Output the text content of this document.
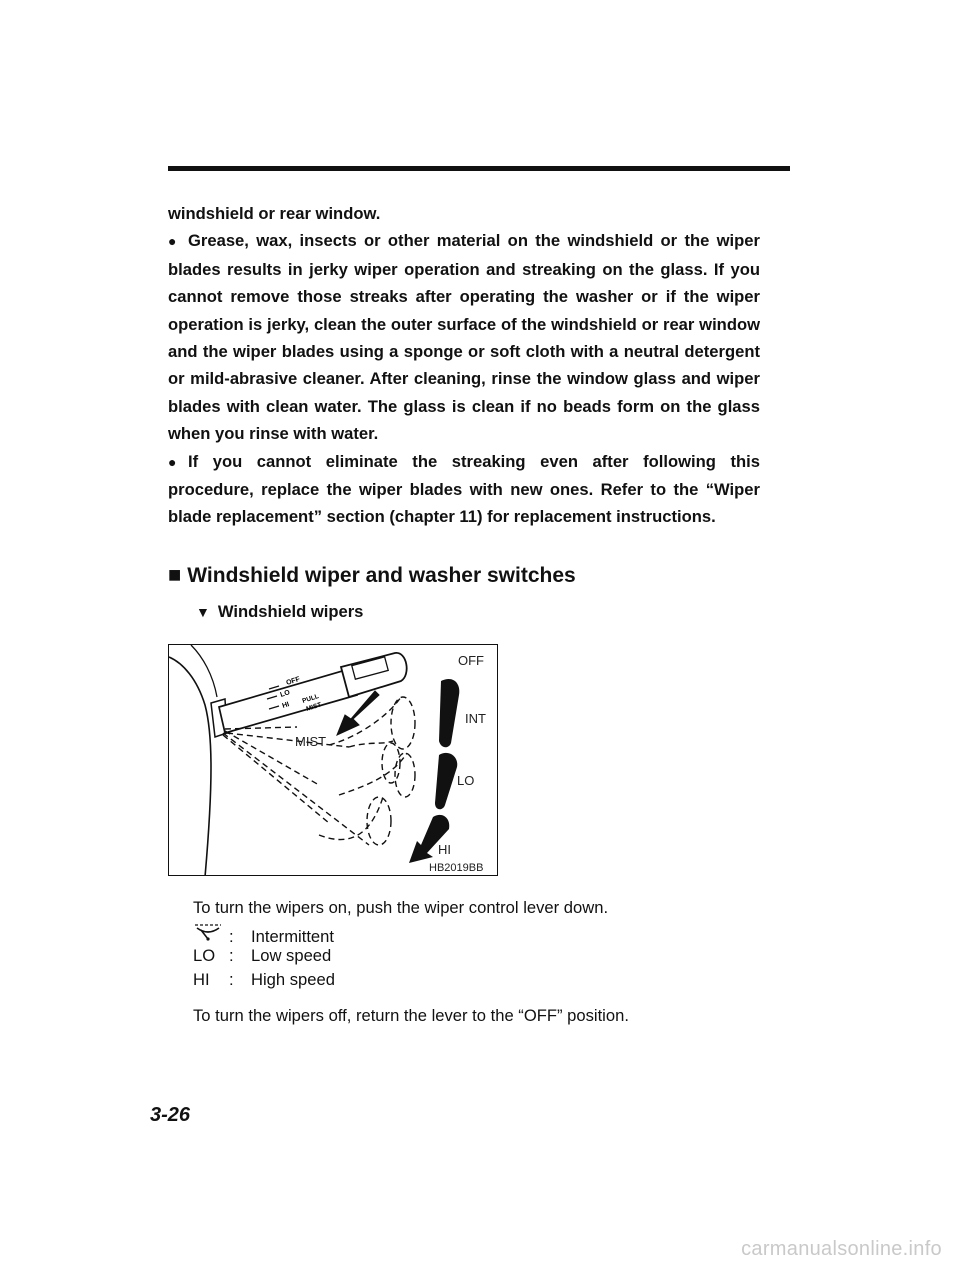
windshield or rear window.

● Grease, wax, insects or other material on the windshield or the wiper blades results in jerky wiper operation and streaking on the glass. If you cannot remove those streaks after operating the washer or if the wiper operation is jerky, clean the outer surface of the windshield or rear window and the wiper blades using a sponge or soft cloth with a neutral detergent or mild-abrasive cleaner. After cleaning, rinse the window glass and wiper blades with clean water. The glass is clean if no beads form on the glass when you rinse with water.

● If you cannot eliminate the streaking even after following this procedure, replace the wiper blades with new ones. Refer to the “Wiper blade replacement” section (chapter 11) for replacement instructions.

■ Windshield wiper and washer switches
▼ Windshield wipers
OFF
LO
HI
PULL
MIST
OFF
INT
LO
HI
MIST
HB2019BB
To turn the wipers on, push the wiper control lever down.
: Intermittent
LO : Low speed
HI : High speed
To turn the wipers off, return the lever to the “OFF” position.
3-26
carmanualsonline.info
